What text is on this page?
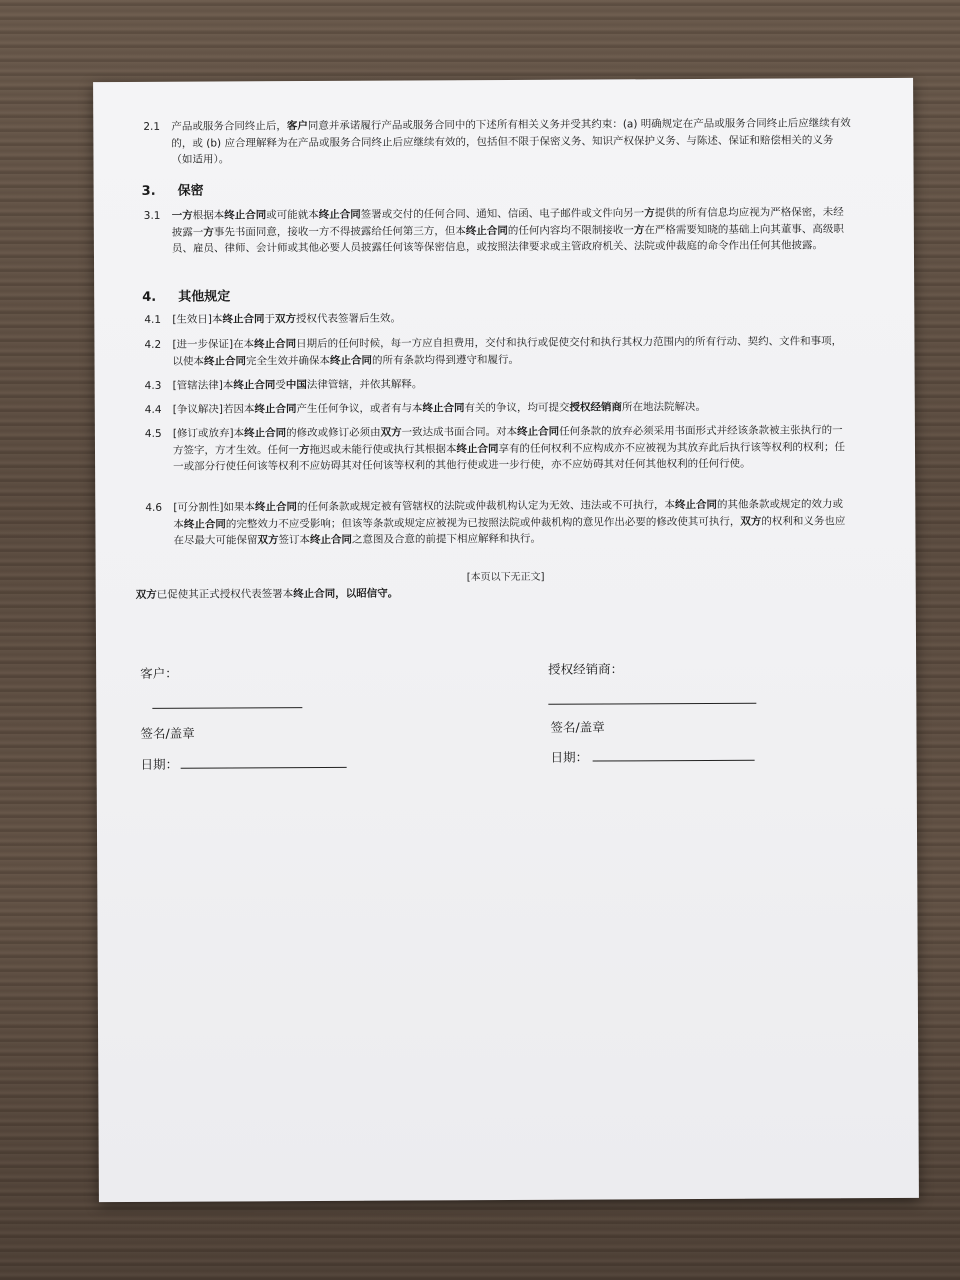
2.1 产品或服务合同终止后，客户同意并承诺履行产品或服务合同中的下述所有相关义务并受其约束：(a) 明确规定在产品或服务合同终止后应继续有效的，或 (b) 应合理解释为在产品或服务合同终止后应继续有效的，包括但不限于保密义务、知识产权保护义务、与陈述、保证和赔偿相关的义务（如适用）。
3. 保密
3.1 一方根据本终止合同或可能就本终止合同签署或交付的任何合同、通知、信函、电子邮件或文件向另一方提供的所有信息均应视为严格保密，未经披露一方事先书面同意，接收一方不得披露给任何第三方，但本终止合同的任何内容均不限制接收一方在严格需要知晓的基础上向其董事、高级职员、雇员、律师、会计师或其他必要人员披露任何该等保密信息，或按照法律要求或主管政府机关、法院或仲裁庭的命令作出任何其他披露。
4. 其他规定
4.1 [生效日]本终止合同于双方授权代表签署后生效。
4.2 [进一步保证]在本终止合同日期后的任何时候，每一方应自担费用，交付和执行或促使交付和执行其权力范围内的所有行动、契约、文件和事项，以使本终止合同完全生效并确保本终止合同的所有条款均得到遵守和履行。
4.3 [管辖法律]本终止合同受中国法律管辖，并依其解释。
4.4 [争议解决]若因本终止合同产生任何争议，或者有与本终止合同有关的争议，均可提交授权经销商所在地法院解决。
4.5 [修订或放弃]本终止合同的修改或修订必须由双方一致达成书面合同。对本终止合同任何条款的放弃必须采用书面形式并经该条款被主张执行的一方签字，方才生效。任何一方拖迟或未能行使或执行其根据本终止合同享有的任何权利不应构成亦不应被视为其放弃此后执行该等权利的权利；任一或部分行使任何该等权利不应妨碍其对任何该等权利的其他行使或进一步行使，亦不应妨碍其对任何其他权利的任何行使。
4.6 [可分割性]如果本终止合同的任何条款或规定被有管辖权的法院或仲裁机构认定为无效、违法或不可执行，本终止合同的其他条款或规定的效力或本终止合同的完整效力不应受影响；但该等条款或规定应被视为已按照法院或仲裁机构的意见作出必要的修改使其可执行，双方的权利和义务也应在尽最大可能保留双方签订本终止合同之意图及合意的前提下相应解释和执行。
[本页以下无正文]
双方已促使其正式授权代表签署本终止合同，以昭信守。
客户：
签名/盖章
日期：
授权经销商：
签名/盖章
日期：
